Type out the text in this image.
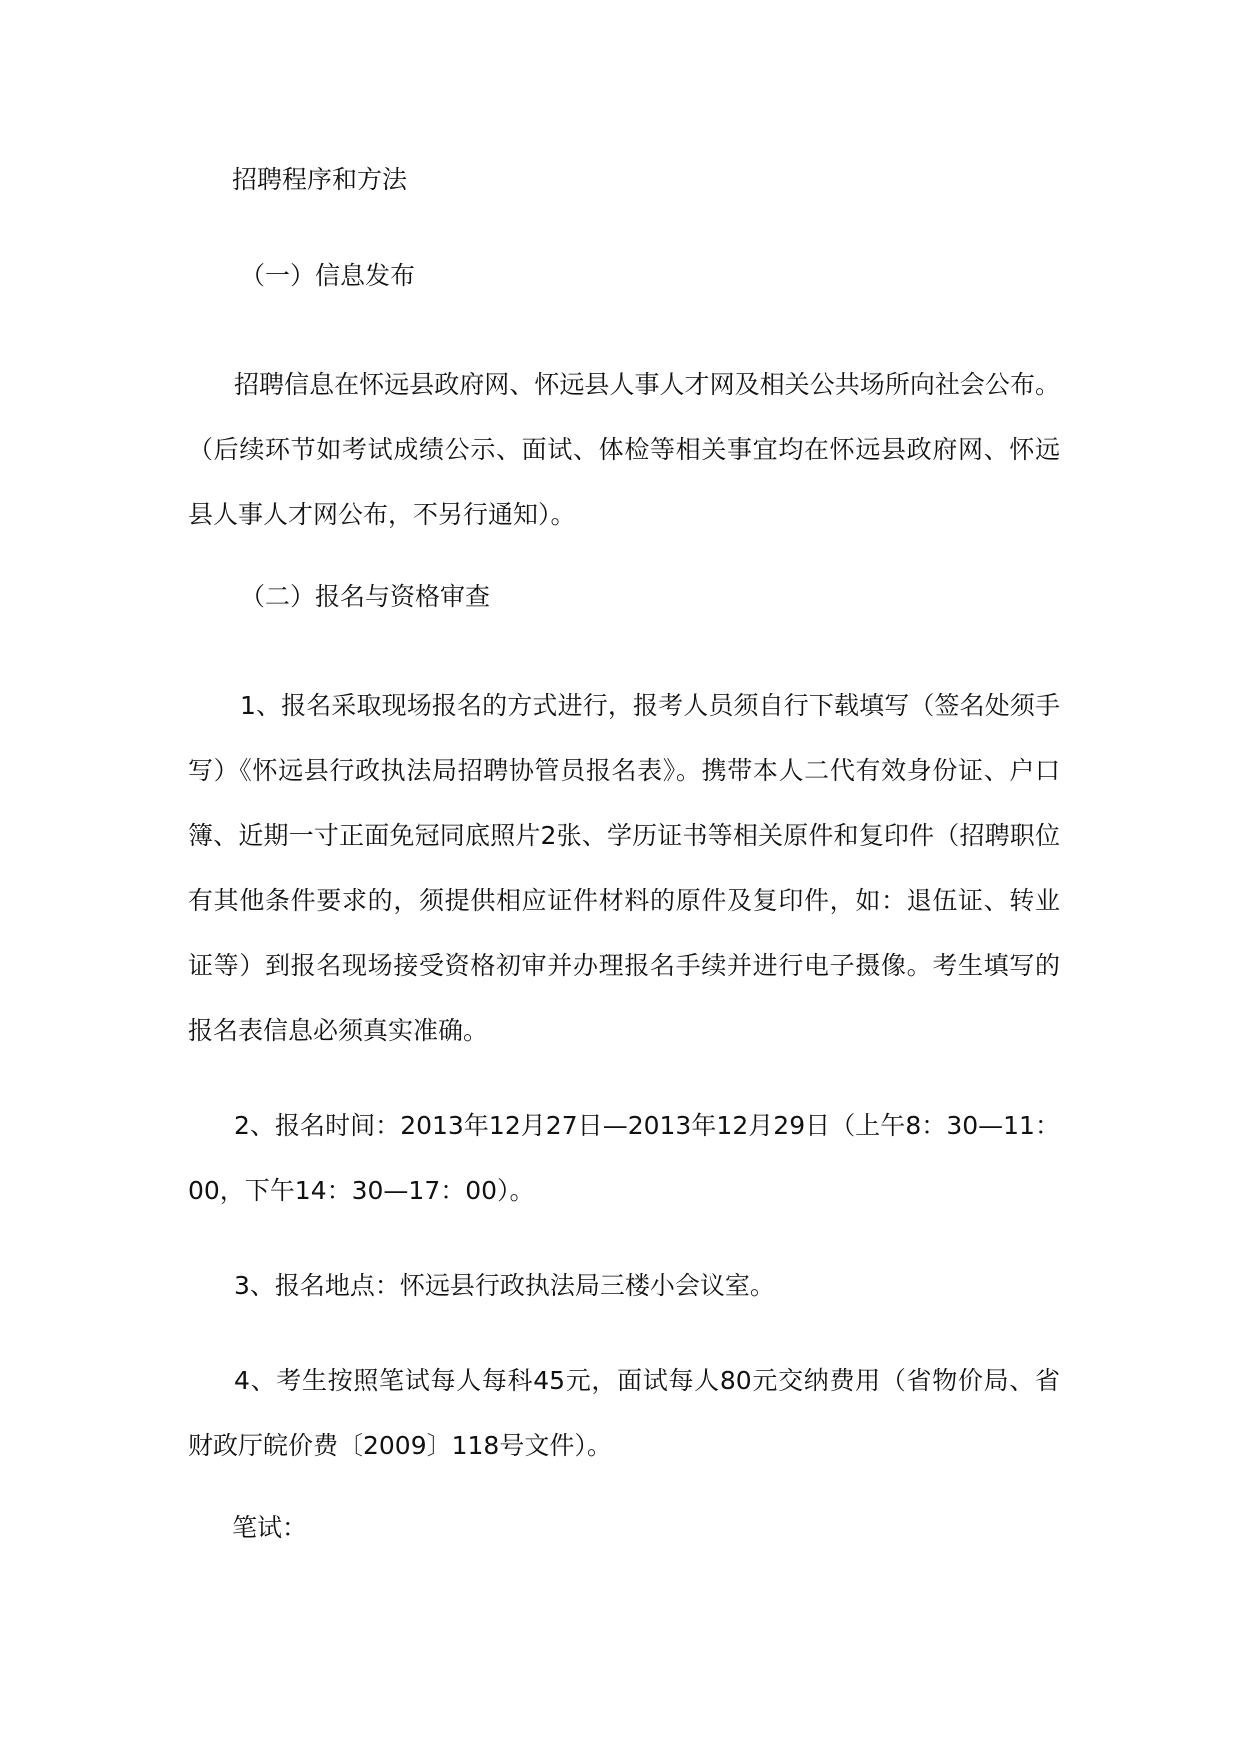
招聘程序和方法

（一）信息发布

招聘信息在怀远县政府网、怀远县人事人才网及相关公共场所向社会公布。（后续环节如考试成绩公示、面试、体检等相关事宜均在怀远县政府网、怀远县人事人才网公布，不另行通知）。

（二）报名与资格审查

1、报名采取现场报名的方式进行，报考人员须自行下载填写（签名处须手写）《怀远县行政执法局招聘协管员报名表》。携带本人二代有效身份证、户口簿、近期一寸正面免冠同底照片2张、学历证书等相关原件和复印件（招聘职位有其他条件要求的，须提供相应证件材料的原件及复印件，如：退伍证、转业证等）到报名现场接受资格初审并办理报名手续并进行电子摄像。考生填写的报名表信息必须真实准确。

2、报名时间：2013年12月27日—2013年12月29日（上午8：30—11：00，下午14：30—17：00）。

3、报名地点：怀远县行政执法局三楼小会议室。

4、考生按照笔试每人每科45元，面试每人80元交纳费用（省物价局、省财政厅皖价费〔2009〕118号文件）。

笔试：
